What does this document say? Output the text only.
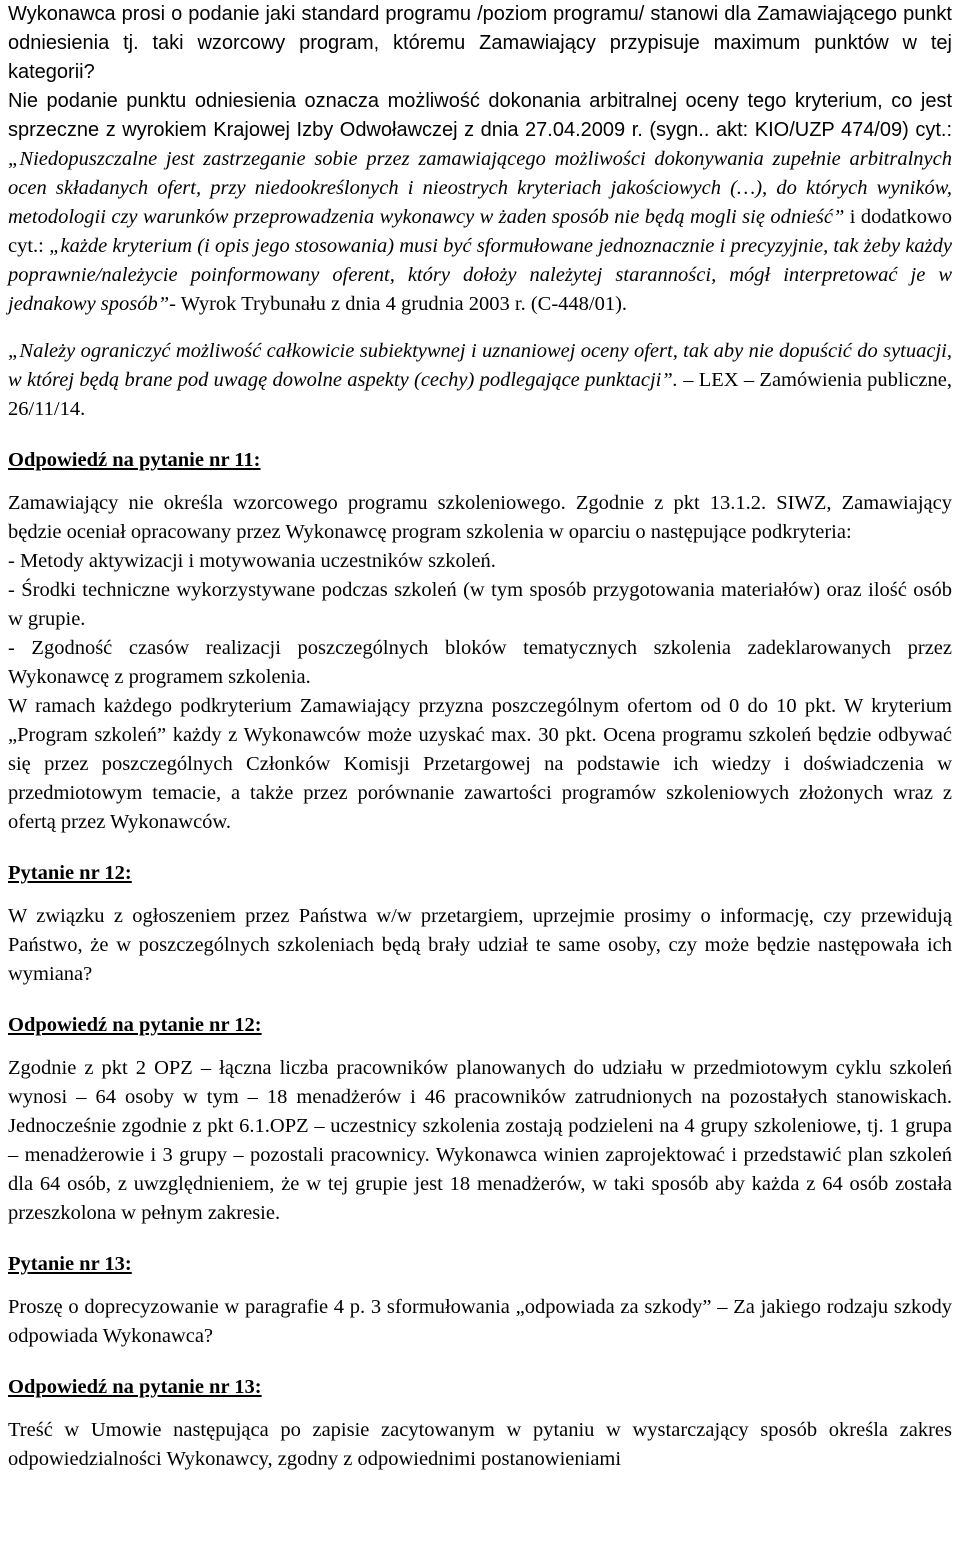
Wykonawca prosi o podanie jaki standard programu /poziom programu/ stanowi dla Zamawiającego punkt odniesienia tj. taki wzorcowy program, któremu Zamawiający przypisuje maximum punktów w tej kategorii?

Nie podanie punktu odniesienia oznacza możliwość dokonania arbitralnej oceny tego kryterium, co jest sprzeczne z wyrokiem Krajowej Izby Odwoławczej z dnia 27.04.2009 r. (sygn.. akt: KIO/UZP 474/09) cyt.: „Niedopuszczalne jest zastrzeganie sobie przez zamawiającego możliwości dokonywania zupełnie arbitralnych ocen składanych ofert, przy niedookreślonych i nieostrych kryteriach jakościowych (…), do których wyników, metodologii czy warunków przeprowadzenia wykonawcy w żaden sposób nie będą mogli się odnieść” i dodatkowo cyt.: „każde kryterium (i opis jego stosowania) musi być sformułowane jednoznacznie i precyzyjnie, tak żeby każdy poprawnie/należycie poinformowany oferent, który dołoży należytej staranności, mógł interpretować je w jednakowy sposób”- Wyrok Trybunału z dnia 4 grudnia 2003 r. (C-448/01).

„Należy ograniczyć możliwość całkowicie subiektywnej i uznaniowej oceny ofert, tak aby nie dopuścić do sytuacji, w której będą brane pod uwagę dowolne aspekty (cechy) podlegające punktacji”. – LEX – Zamówienia publiczne, 26/11/14.

Odpowiedź na pytanie nr 11:

Zamawiający nie określa wzorcowego programu szkoleniowego. Zgodnie z pkt 13.1.2. SIWZ, Zamawiający będzie oceniał opracowany przez Wykonawcę program szkolenia w oparciu o następujące podkryteria:

- Metody aktywizacji i motywowania uczestników szkoleń.

- Środki techniczne wykorzystywane podczas szkoleń (w tym sposób przygotowania materiałów) oraz ilość osób w grupie.

- Zgodność czasów realizacji poszczególnych bloków tematycznych szkolenia zadeklarowanych przez Wykonawcę z programem szkolenia.

W ramach każdego podkryterium Zamawiający przyzna poszczególnym ofertom od 0 do 10 pkt. W kryterium „Program szkoleń” każdy z Wykonawców może uzyskać max. 30 pkt. Ocena programu szkoleń będzie odbywać się przez poszczególnych Członków Komisji Przetargowej na podstawie ich wiedzy i doświadczenia w przedmiotowym temacie, a także przez porównanie zawartości programów szkoleniowych złożonych wraz z ofertą przez Wykonawców.

Pytanie nr 12:

W związku z ogłoszeniem przez Państwa w/w przetargiem, uprzejmie prosimy o informację, czy przewidują Państwo, że w poszczególnych szkoleniach będą brały udział te same osoby, czy może będzie następowała ich wymiana?

Odpowiedź na pytanie nr 12:

Zgodnie z pkt 2 OPZ – łączna liczba pracowników planowanych do udziału w przedmiotowym cyklu szkoleń wynosi – 64 osoby w tym – 18 menadżerów i 46 pracowników zatrudnionych na pozostałych stanowiskach. Jednocześnie zgodnie z pkt 6.1.OPZ – uczestnicy szkolenia zostają podzieleni na 4 grupy szkoleniowe, tj. 1 grupa – menadżerowie i 3 grupy – pozostali pracownicy. Wykonawca winien zaprojektować i przedstawić plan szkoleń dla 64 osób, z uwzględnieniem, że w tej grupie jest 18 menadżerów, w taki sposób aby każda z 64 osób została przeszkolona w pełnym zakresie.

Pytanie nr 13:

Proszę o doprecyzowanie w paragrafie 4 p. 3 sformułowania „odpowiada za szkody” – Za jakiego rodzaju szkody odpowiada Wykonawca?

Odpowiedź na pytanie nr 13:

Treść w Umowie następująca po zapisie zacytowanym w pytaniu w wystarczający sposób określa zakres odpowiedzialności Wykonawcy, zgodny z odpowiednimi postanowieniami
